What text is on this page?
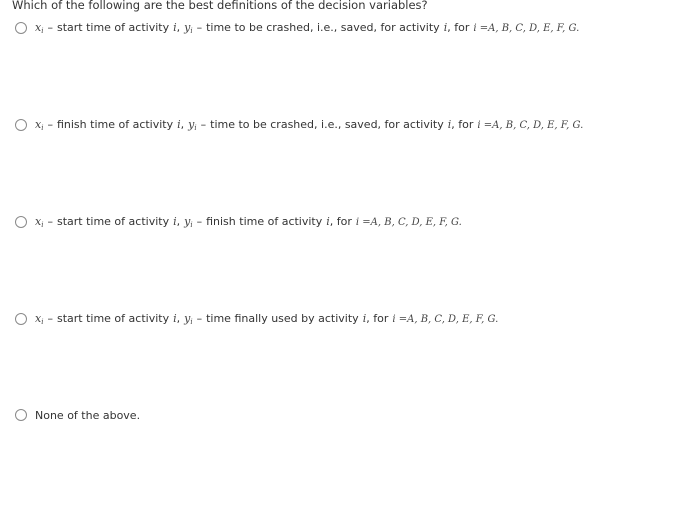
Which of the following are the best definitions of the decision variables?
$x_i$ – start time of activity i , $y_i$ – time to be crashed, i.e., saved, for activity i , for i = A, B, C, D, E, F, G.
$x_i$ – finish time of activity i , $y_i$ – time to be crashed, i.e., saved, for activity i , for i = A, B, C, D, E, F, G.
$x_i$ – start time of activity i , $y_i$ – finish time of activity i , for i = A, B, C, D, E, F, G.
$x_i$ – start time of activity i , $y_i$ – time finally used by activity i , for i = A, B, C, D, E, F, G.
None of the above.
